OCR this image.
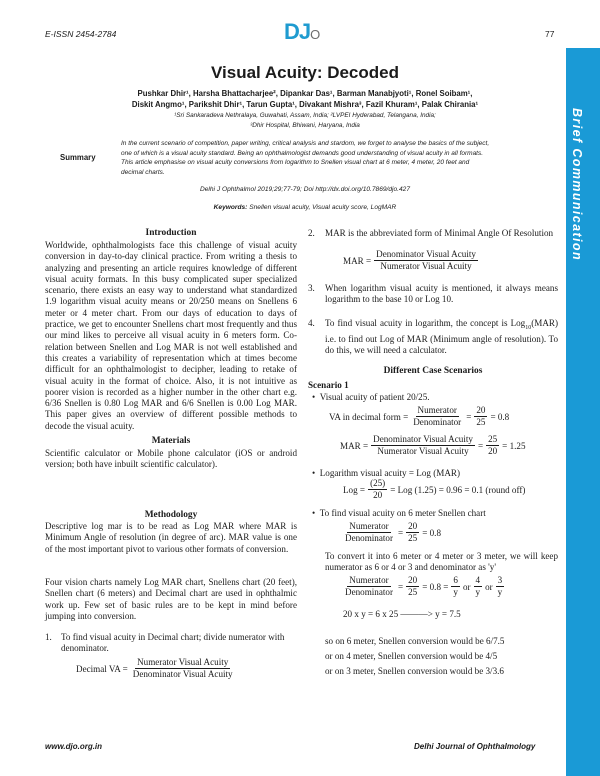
E-ISSN 2454-2784	DJO	77
Brief Communication
Visual Acuity: Decoded
Pushkar Dhir¹, Harsha Bhattacharjee², Dipankar Das¹, Barman Manabjyoti¹, Ronel Soibam¹,
Diskit Angmo¹, Parikshit Dhir¹, Tarun Gupta¹, Divakant Mishra³, Fazil Khuram¹, Palak Chirania¹
¹Sri Sankaradeva Nethralaya, Guwahati, Assam, India; ²LVPEI Hyderabad, Telangana, India;
³Dhir Hospital, Bhiwani, Haryana, India
Summary
In the current scenario of competition, paper writing, critical analysis and stardom, we forget to analyse the basics of the subject, one of which is a visual acuity standard. Being an ophthalmologist demands good understanding of visual acuity in all formats. This article emphasise on visual acuity conversions from logarithm to Snellen visual chart at 6 meter, 4 meter, 20 feet and decimal charts.
Delhi J Ophthalmol 2019;29;77-79; Doi http://dx.doi.org/10.7869/djo.427
Keywords: Snellen visual acuity, Visual acuity score, LogMAR
Introduction
Worldwide, ophthalmologists face this challenge of visual acuity conversion in day-to-day clinical practice. From writing a thesis to analyzing and presenting an article requires knowledge of different visual acuity formats. In this busy complicated super specialized scenario, there exists an easy way to understand what standardized 1.9 logarithm visual acuity means or 20/250 means on Snellens 6 meter or 4 meter chart. From our days of education to days of practice, we get to encounter Snellens chart most frequently and thus our mind likes to perceive all visual acuity in 6 meters form. Co-relation between Snellen and Log MAR is not well established and this creates a variability of representation which at times become difficult for an ophthalmologist to decipher, leading to retake of visual acuity in the format of choice. Also, it is not intuitive as poorer vision is recorded as a higher number in the other chart e.g. 6/36 Snellen is 0.80 Log MAR and 6/6 Snellen is 0.00 Log MAR. This paper gives an overview of different possible methods to decode the visual acuity.
Materials
Scientific calculator or Mobile phone calculator (iOS or android version; both have inbuilt scientific calculator).
Methodology
Descriptive log mar is to be read as Log MAR where MAR is Minimum Angle of resolution (in degree of arc). MAR value is one of the most important pivot to various other formats of conversion.
Four vision charts namely Log MAR chart, Snellens chart (20 feet), Snellen chart (6 meters) and Decimal chart are used in ophthalmic work up. Few set of basic rules are to be kept in mind before jumping into conversion.
1. To find visual acuity in Decimal chart; divide numerator with denominator.
Decimal VA = $\frac{\text{Numerator Visual Acuity}}{\text{Denominator Visual Acuity}}$
2. MAR is the abbreviated form of Minimal Angle Of Resolution
MAR = $\frac{\text{Denominator Visual Acuity}}{\text{Numerator Visual Acuity}}$
3. When logarithm visual acuity is mentioned, it always means logarithm to the base 10 or Log 10.
4. To find visual acuity in logarithm, the concept is Log$_{10}$(MAR) i.e. to find out Log of MAR (Minimum angle of resolution). To do this, we will need a calculator.
Different Case Scenarios
Scenario 1
•  Visual acuity of patient 20/25.
VA in decimal form = $\frac{\text{Numerator}}{\text{Denominator}} = \frac{20}{25} = 0.8$
MAR = $\frac{\text{Denominator Visual Acuity}}{\text{Numerator Visual Acuity}} = \frac{25}{20} = 1.25$
•  Logarithm visual acuity = Log (MAR)
Log = $\frac{(25)}{20}$ = Log (1.25) = 0.96 = 0.1 (round off)
•  To find visual acuity on 6 meter Snellen chart
$\frac{\text{Numerator}}{\text{Denominator}} = \frac{20}{25} = 0.8$
To convert it into 6 meter or 4 meter or 3 meter, we will keep numerator as 6 or 4 or 3 and denominator as 'y'
$\frac{\text{Numerator}}{\text{Denominator}} = \frac{20}{25} = 0.8 = \frac{6}{y}$ or $\frac{4}{y}$ or $\frac{3}{y}$
20 x y = 6 x 25 ———> y = 7.5
so on 6 meter, Snellen conversion would be 6/7.5
or on 4 meter, Snellen conversion would be 4/5
or on 3 meter, Snellen conversion would be 3/3.6
www.djo.org.in	Delhi Journal of Ophthalmology
